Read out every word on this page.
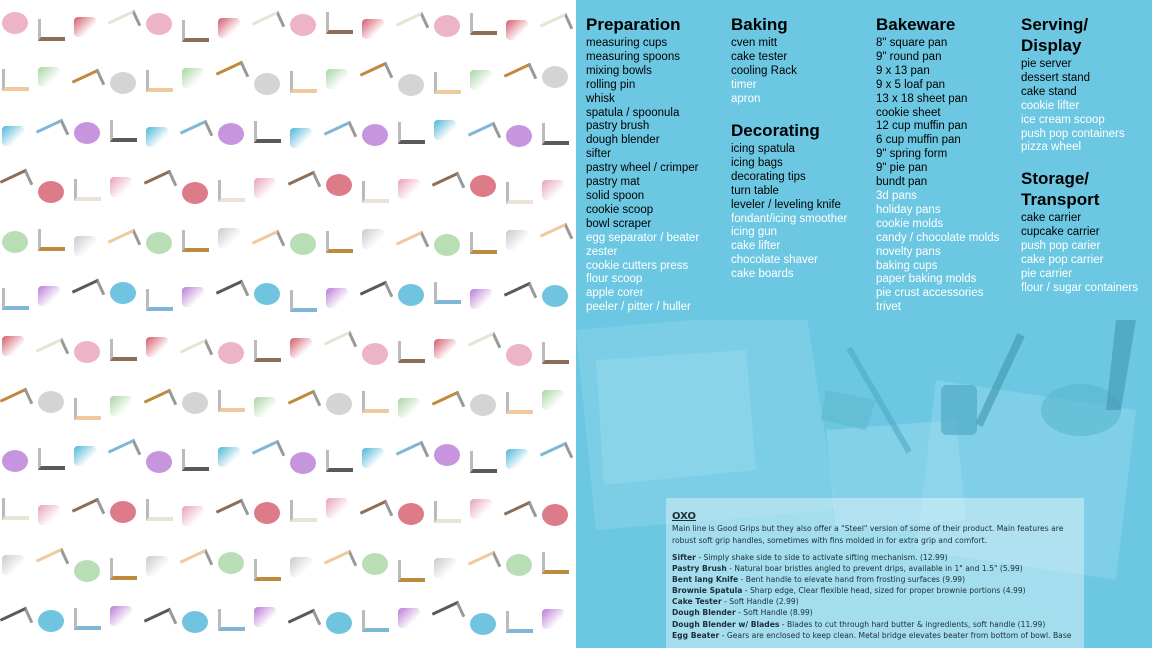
Preparation
measuring cups
measuring spoons
mixing bowls
rolling pin
whisk
spatula / spoonula
pastry brush
dough blender
sifter
pastry wheel / crimper
pastry mat
solid spoon
cookie scoop
bowl scraper
egg separator / beater
zester
cookie cutters press
flour scoop
apple corer
peeler / pitter / huller
Baking
cven mitt
cake tester
cooling Rack
timer
apron
Decorating
icing spatula
icing bags
decorating tips
turn table
leveler / leveling knife
fondant/icing smoother
icing gun
cake lifter
chocolate shaver
cake boards
Bakeware
8" square pan
9" round pan
9 x 13 pan
9 x 5 loaf pan
13 x 18 sheet pan
cookie sheet
12 cup muffin pan
6 cup muffin pan
9" spring form
9" pie pan
bundt pan
3d pans
holiday pans
cookie molds
candy / chocolate molds
novelty pans
baking cups
paper baking molds
pie crust accessories
trivet
Serving/ Display
pie server
dessert stand
cake stand
cookie lifter
ice cream scoop
push pop containers
pizza wheel
Storage/ Transport
cake carrier
cupcake carrier
push pop carier
cake pop carrier
pie carrier
flour / sugar containers
OXO
Main line is Good Grips but they also offer a "Steel" version of some of their product. Main features are robust soft grip handles, sometimes with fins molded in for extra grip and comfort.
Sifter - Simply shake side to side to activate sifting mechanism. (12.99)
Pastry Brush - Natural boar bristles angled to prevent drips, available in 1" and 1.5" (5.99)
Bent lang Knife - Bent handle to elevate hand from frosting surfaces (9.99)
Brownie Spatula - Sharp edge, Clear flexible head, sized for proper brownie portions (4.99)
Cake Tester - Soft Handle (2.99)
Dough Blender - Soft Handle (8.99)
Dough Blender w/ Blades - Blades to cut through hard butter & ingredients, soft handle (11.99)
Egg Beater - Gears are enclosed to keep clean. Metal bridge elevates beater from bottom of bowl. Base
